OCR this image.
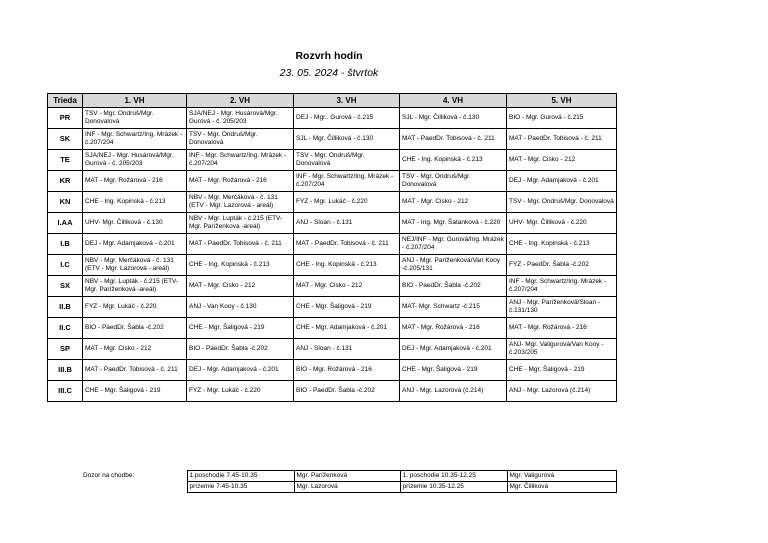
Rozvrh hodín
23. 05. 2024 - štvrtok
Trieda	1. VH	2. VH	3. VH	4. VH	5. VH
PR	TSV - Mgr. Ondruš/Mgr. Donovalová	SJA/NEJ - Mgr. Husárová/Mgr. Gurová - č. 205/203	DEJ - Mgr.. Gurová - č.215	SJL - Mgr. Čilliková - č.130	BIO - Mgr. Gurová - č.215
SK	INF - Mgr. Schwartz/Ing. Mrázek - č.207/204	TSV - Mgr. Ondruš/Mgr. Donovalová	SJL - Mgr. Čilliková - č.130	MAT - PaedDr. Tobisová - č. 211	MAT - PaedDr. Tobisová - č. 211
TE	SJA/NEJ - Mgr. Husárová/Mgr. Gurová - č. 205/203	INF - Mgr. Schwartz/Ing. Mrázek - č.207/204	TSV - Mgr. Ondruš/Mgr. Donovalová	CHE - Ing. Kopinská - č.213	MAT - Mgr. Cisko - 212
KR	MAT - Mgr. Rožárová - 216	MAT - Mgr. Rožárová - 216	INF - Mgr. Schwartz/Ing. Mrázek - č.207/204	TSV - Mgr. Ondruš/Mgr. Donovalová	DEJ - Mgr. Adamjaková - č.201
KN	CHE - Ing. Kopinská - č.213	NBV - Mgr. Merčáková - č. 131 (ETV - Mgr. Lazorová - areál)	FYZ - Mgr. Lukáč - č.220	MAT - Mgr. Cisko - 212	TSV - Mgr. Ondruš/Mgr. Donovalová
I.AA	UHV- Mgr. Čilliková - č.130	NBV - Mgr. Lupták - č.215 (ETV- Mgr. Paríženková -areál)	ANJ - Sloan - č.131	MAT - Ing. Mgr. Šatanková - č.220	UHV- Mgr. Čilliková - č.220
I.B	DEJ - Mgr. Adamjaková - č.201	MAT - PaedDr. Tobisová - č. 211	MAT - PaedDr. Tobisová - č. 211	NEJ/INF - Mgr. Gurová/Ing. Mrázek - č.207/204	CHE - Ing. Kopinská - č.213
I.C	NBV - Mgr. Merčáková - č. 131 (ETV - Mgr. Lazorová - areál)	CHE - Ing. Kopinská - č.213	CHE - Ing. Kopinská - č.213	ANJ - Mgr. Paríženková/Van Kooy -č.205/131	FYZ - PaedDr. Šabla -č.202
SX	NBV - Mgr. Lupták - č.215 (ETV- Mgr. Paríženková -areál)	MAT - Mgr. Cisko - 212	MAT - Mgr. Cisko - 212	BIO - PaedDr. Šabla -č.202	INF - Mgr. Schwartz/Ing. Mrázek - č.207/204
II.B	FYZ - Mgr. Lukáč - č.220	ANJ - Van Kooy - č.130	CHE - Mgr. Šaligová - 219	MAT- Mgr. Schwartz -č.215	ANJ - Mgr. Paríženková/Sloan - č.131/130
II.C	BIO - PaedDr. Šabla -č.202	CHE - Mgr. Šaligová - 219	CHE - Mgr. Adamjaková - č.201	MAT - Mgr. Rožárová - 216	MAT - Mgr. Rožárová - 216
SP	MAT - Mgr. Cisko - 212	BIO - PaedDr. Šabla -č.202	ANJ - Sloan - č.131	DEJ - Mgr. Adamjaková - č.201	ANJ- Mgr. Valigurová/Van Kooy - č.203/205
III.B	MAT - PaedDr. Tobisová - č. 211	DEJ - Mgr. Adamjaková - č.201	BIO - Mgr. Rožárová - 216	CHE - Mgr. Šaligová - 219	CHE - Mgr. Šaligová - 219
III.C	CHE - Mgr. Šaligová - 219	FYZ - Mgr. Lukáč - č.220	BIO - PaedDr. Šabla -č.202	ANJ - Mgr. Lazorová (č.214)	ANJ - Mgr. Lazorová (č.214)
Dozor na chodbe:	1.poschodie 7.45-10.35	Mgr. Paríženková	1. poschodie 10.35-12.25	Mgr. Valigurová
	prízemie 7.45-10.35	Mgr. Lazorová	prízemie 10.35-12.25	Mgr. Čilliková
